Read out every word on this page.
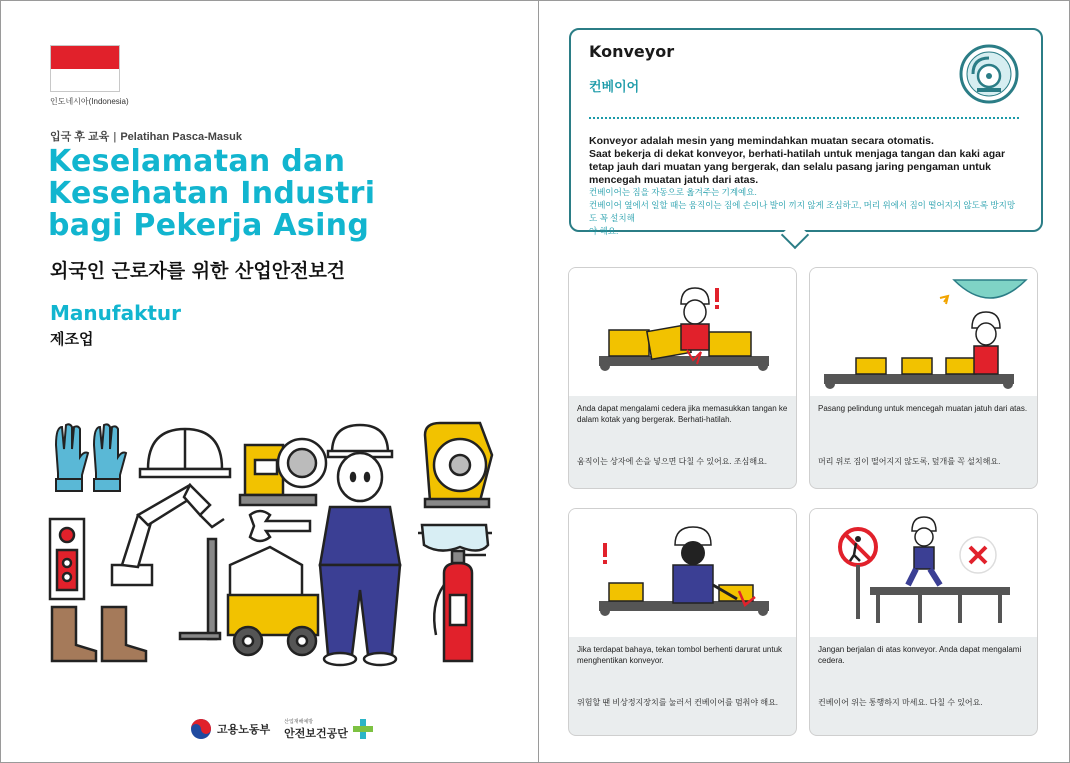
인도네시아(Indonesia)
입국 후 교육 | Pelatihan Pasca-Masuk
Keselamatan dan
Kesehatan Industri
bagi Pekerja Asing
외국인 근로자를 위한 산업안전보건
Manufaktur
제조업
고용노동부
산업재해예방
안전보건공단
Konveyor
컨베이어
Konveyor adalah mesin yang memindahkan muatan secara otomatis.
Saat bekerja di dekat konveyor, berhati-hatilah untuk menjaga tangan dan kaki agar
tetap jauh dari muatan yang bergerak, dan selalu pasang jaring pengaman untuk
mencegah muatan jatuh dari atas.
컨베이어는 짐을 자동으로 옮겨주는 기계예요.
컨베이어 옆에서 일할 때는 움직이는 짐에 손이나 발이 끼지 않게 조심하고, 머리 위에서 짐이 떨어지지 않도록 방지망도 꼭 설치해
야 해요.
Anda dapat mengalami cedera jika memasukkan tangan ke dalam kotak yang bergerak. Berhati-hatilah.
움직이는 상자에 손을 넣으면 다칠 수 있어요. 조심해요.
Pasang pelindung untuk mencegah muatan jatuh dari atas.
머리 위로 짐이 떨어지지 않도록, 덮개를 꼭 설치해요.
Jika terdapat bahaya, tekan tombol berhenti darurat untuk menghentikan konveyor.
위험할 땐 비상정지장치를 눌러서 컨베이어를 멈춰야 해요.
Jangan berjalan di atas konveyor. Anda dapat mengalami cedera.
컨베이어 위는 통행하지 마세요. 다칠 수 있어요.
